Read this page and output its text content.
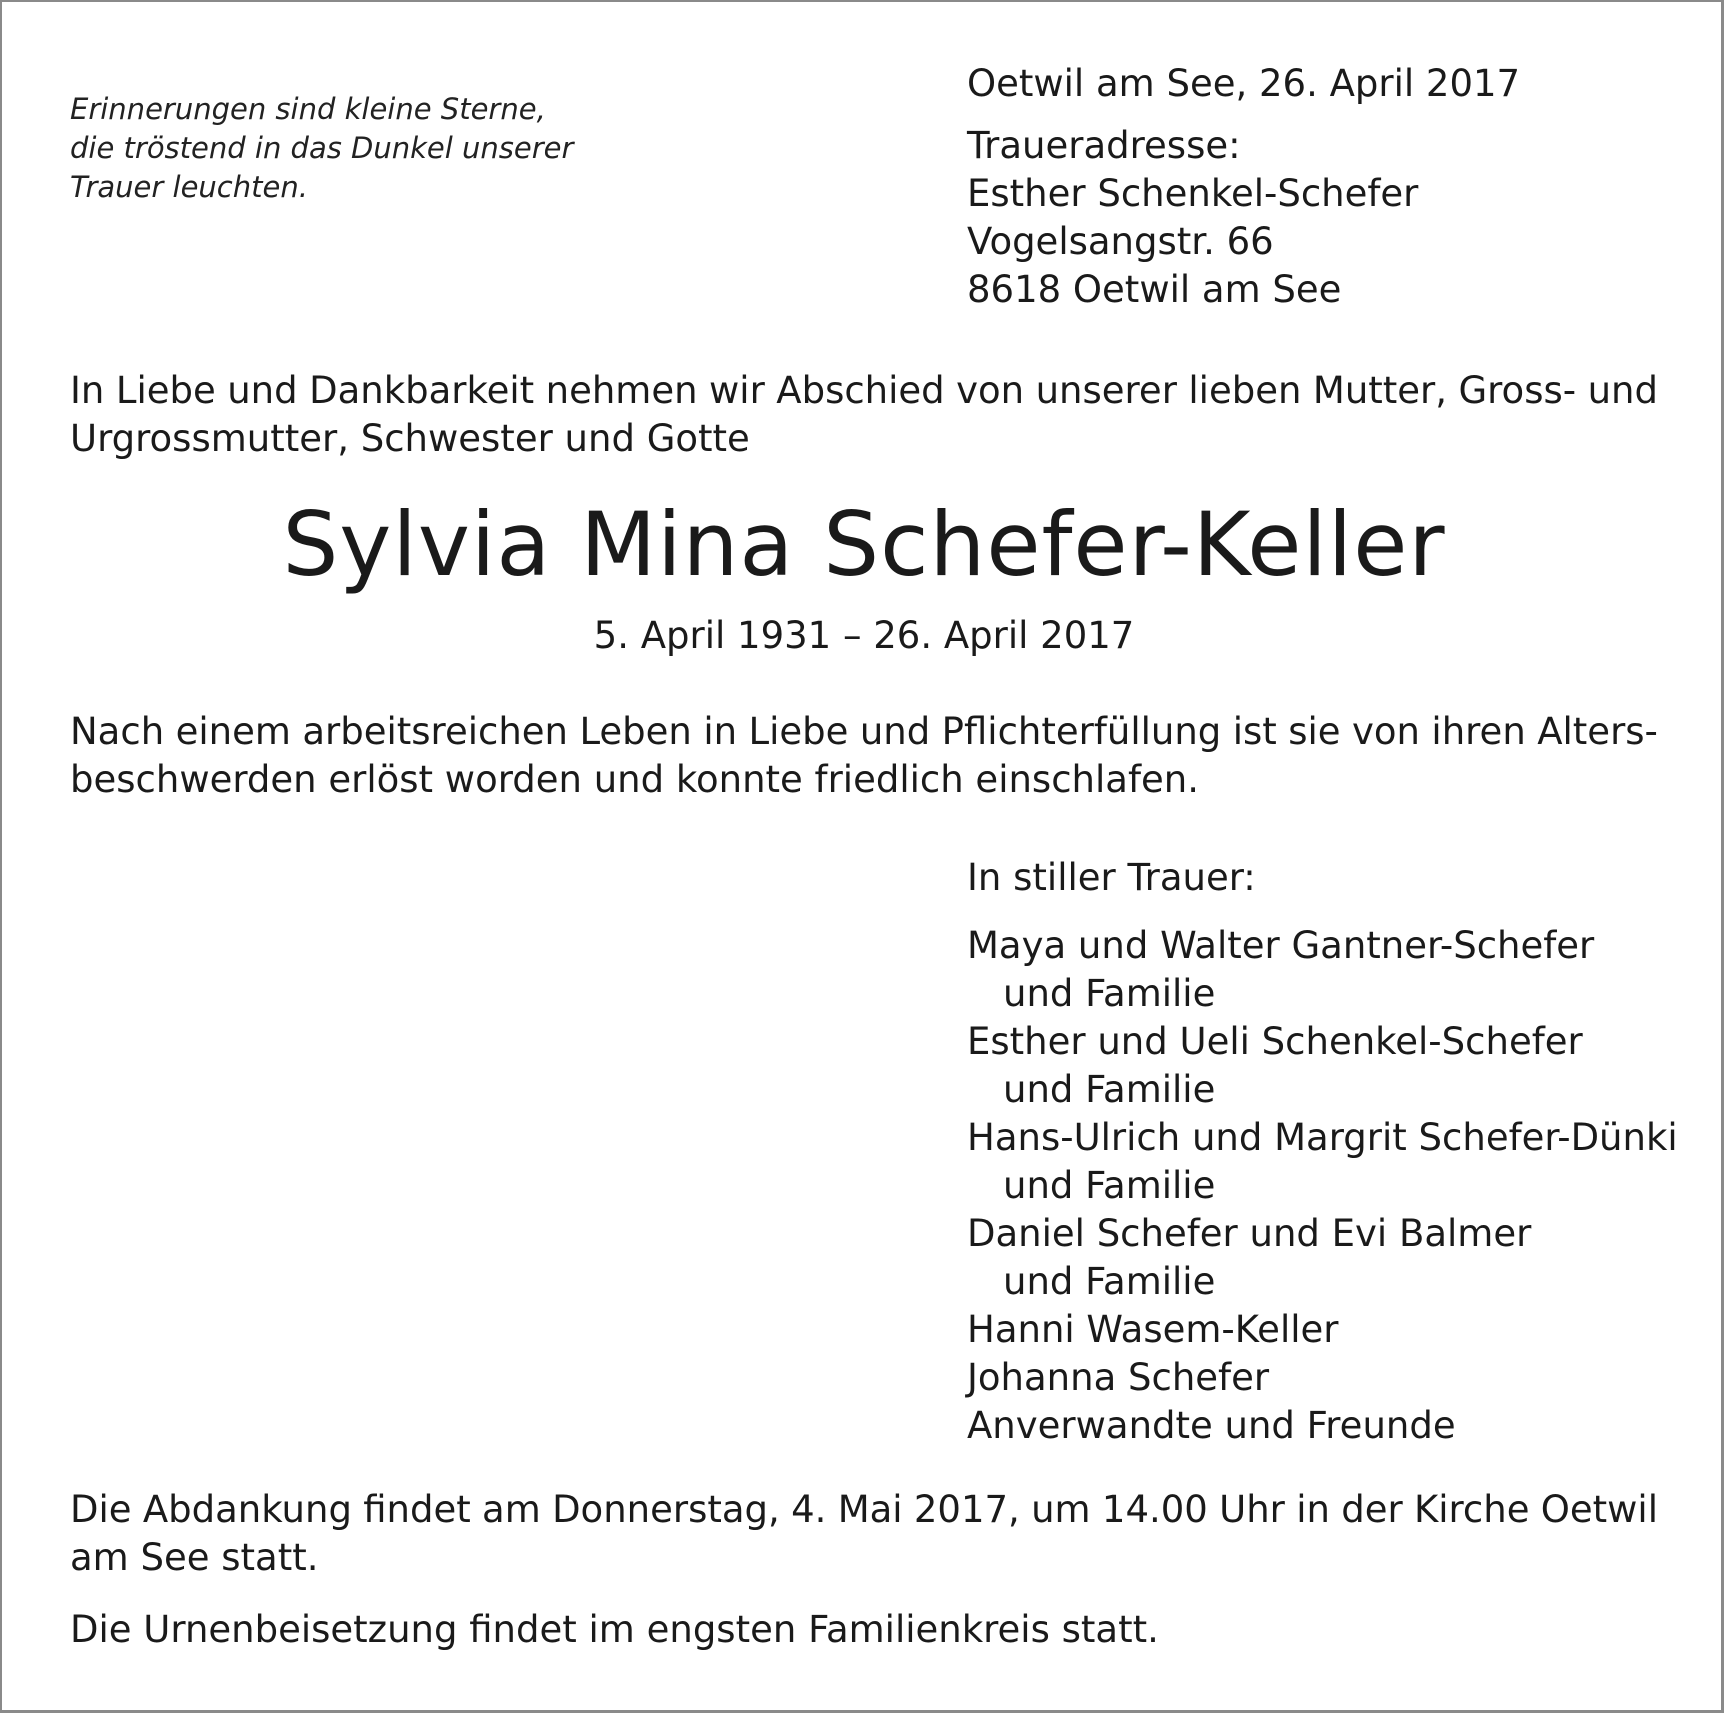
Erinnerungen sind kleine Sterne,
die tröstend in das Dunkel unserer
Trauer leuchten.
Oetwil am See, 26. April 2017
Traueradresse:
Esther Schenkel-Schefer
Vogelsangstr. 66
8618 Oetwil am See
In Liebe und Dankbarkeit nehmen wir Abschied von unserer lieben Mutter, Gross- und
Urgrossmutter, Schwester und Gotte
Sylvia Mina Schefer-Keller
5. April 1931 – 26. April 2017
Nach einem arbeitsreichen Leben in Liebe und Pflichterfüllung ist sie von ihren Alters-
beschwerden erlöst worden und konnte friedlich einschlafen.
In stiller Trauer:
Maya und Walter Gantner-Schefer
und Familie
Esther und Ueli Schenkel-Schefer
und Familie
Hans-Ulrich und Margrit Schefer-Dünki
und Familie
Daniel Schefer und Evi Balmer
und Familie
Hanni Wasem-Keller
Johanna Schefer
Anverwandte und Freunde
Die Abdankung findet am Donnerstag, 4. Mai 2017, um 14.00 Uhr in der Kirche Oetwil
am See statt.
Die Urnenbeisetzung findet im engsten Familienkreis statt.
